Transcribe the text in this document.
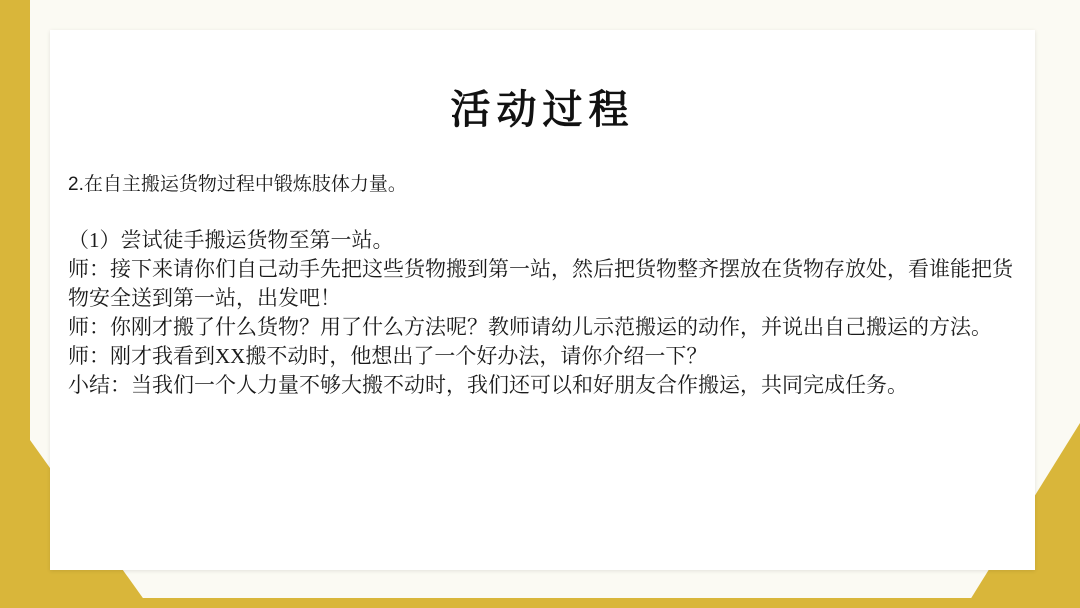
活动过程

2.在自主搬运货物过程中锻炼肢体力量。

（1）尝试徒手搬运货物至第一站。

师：接下来请你们自己动手先把这些货物搬到第一站，然后把货物整齐摆放在货物存放处，看谁能把货物安全送到第一站，出发吧！

师：你刚才搬了什么货物？用了什么方法呢？教师请幼儿示范搬运的动作，并说出自己搬运的方法。

师：刚才我看到XX搬不动时，他想出了一个好办法，请你介绍一下？

小结：当我们一个人力量不够大搬不动时，我们还可以和好朋友合作搬运，共同完成任务。
